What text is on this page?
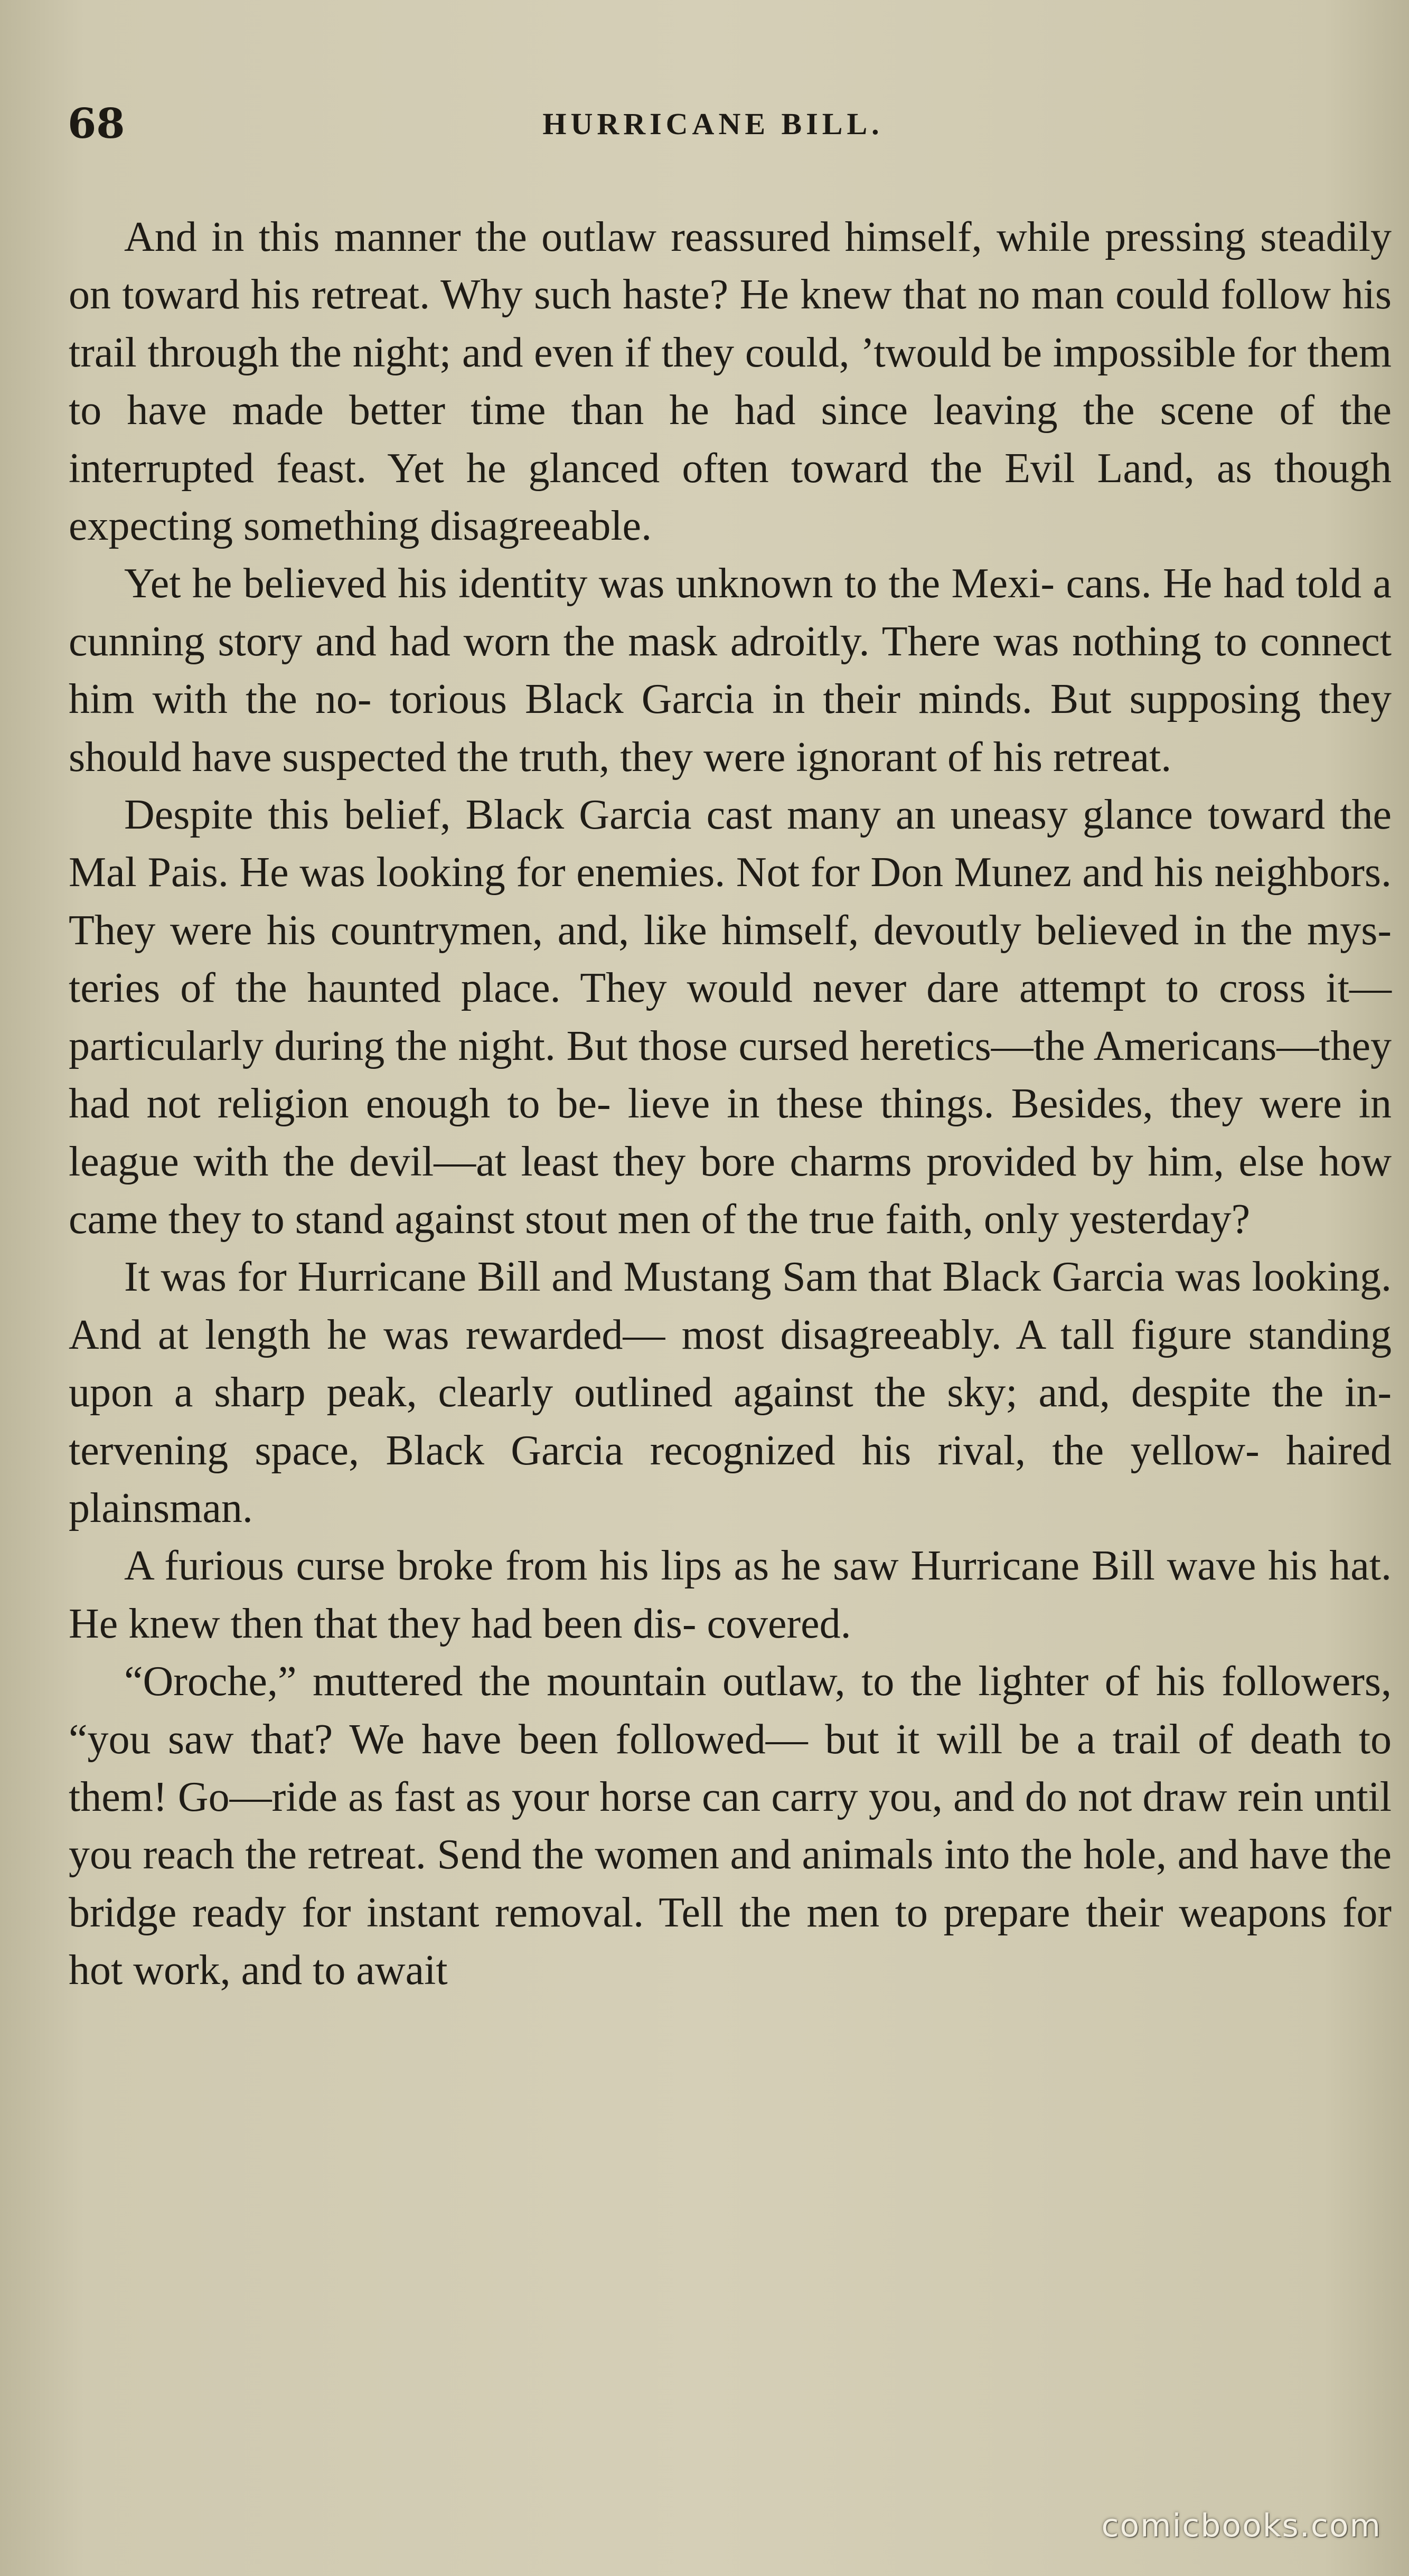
68	HURRICANE BILL.

And in this manner the outlaw reassured himself, while pressing steadily on toward his retreat. Why such haste? He knew that no man could follow his trail through the night; and even if they could, ’twould be impossible for them to have made better time than he had since leaving the scene of the interrupted feast. Yet he glanced often toward the Evil Land, as though expecting something disagreeable.

Yet he believed his identity was unknown to the Mexi- cans. He had told a cunning story and had worn the mask adroitly. There was nothing to connect him with the no- torious Black Garcia in their minds. But supposing theyshould have suspected the truth, they were ignorant of his retreat.

Despite this belief, Black Garcia cast many an uneasy glance toward the Mal Pais. He was looking for enemies. Not for Don Munez and his neighbors. They were his countrymen, and, like himself, devoutly believed in the mys-teries of the haunted place. They would never dare attempt to cross it—particularly during the night. But those cursed heretics—the Americans—they had not religion enough to be- lieve in these things. Besides, they were in league with the devil—at least they bore charms provided by him, else howcame they to stand against stout men of the true faith, only yesterday?

It was for Hurricane Bill and Mustang Sam that Black Garcia was looking. And at length he was rewarded— most disagreeably. A tall figure standing upon a sharp peak, clearly outlined against the sky; and, despite the in-tervening space, Black Garcia recognized his rival, the yellow- haired plainsman.

A furious curse broke from his lips as he saw Hurricane Bill wave his hat. He knew then that they had been dis- covered.

“Oroche,” muttered the mountain outlaw, to the lighter of his followers, “you saw that? We have been followed— but it will be a trail of death to them! Go—ride as fast as your horse can carry you, and do not draw rein until you reach the retreat. Send the women and animals into the hole, and have the bridge ready for instant removal. Tell the men to prepare their weapons for hot work, and to await

comicbooks.com
